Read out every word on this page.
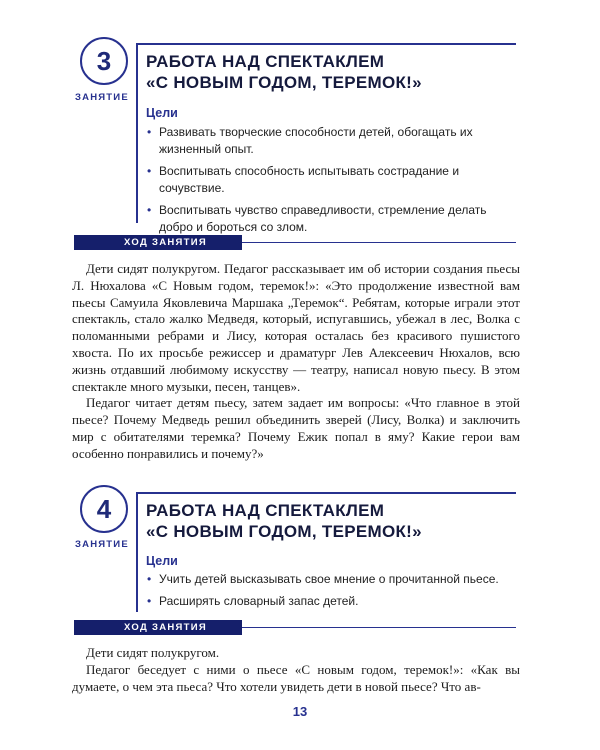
3
ЗАНЯТИЕ
РАБОТА НАД СПЕКТАКЛЕМ
«С НОВЫМ ГОДОМ, ТЕРЕМОК!»
Цели
• Развивать творческие способности детей, обогащать их жизненный опыт.
• Воспитывать способность испытывать сострадание и сочувствие.
• Воспитывать чувство справедливости, стремление делать добро и бороться со злом.
ХОД ЗАНЯТИЯ

Дети сидят полукругом. Педагог рассказывает им об истории создания пьесы Л. Нюхалова «С Новым годом, теремок!»: «Это продолжение известной вам пьесы Самуила Яковлевича Маршака „Теремок“. Ребятам, которые играли этот спектакль, стало жалко Медведя, который, испугавшись, убежал в лес, Волка с поломанными ребрами и Лису, которая осталась без красивого пушистого хвоста. По их просьбе режиссер и драматург Лев Алексеевич Нюхалов, всю жизнь отдавший любимому искусству — театру, написал новую пьесу. В этом спектакле много музыки, песен, танцев».

Педагог читает детям пьесу, затем задает им вопросы: «Что главное в этой пьесе? Почему Медведь решил объединить зверей (Лису, Волка) и заключить мир с обитателями теремка? Почему Ежик попал в яму? Какие герои вам особенно понравились и почему?»

4
ЗАНЯТИЕ
РАБОТА НАД СПЕКТАКЛЕМ
«С НОВЫМ ГОДОМ, ТЕРЕМОК!»
Цели
• Учить детей высказывать свое мнение о прочитанной пьесе.
• Расширять словарный запас детей.
ХОД ЗАНЯТИЯ

Дети сидят полукругом.

Педагог беседует с ними о пьесе «С новым годом, теремок!»: «Как вы думаете, о чем эта пьеса? Что хотели увидеть дети в новой пьесе? Что ав-

13
